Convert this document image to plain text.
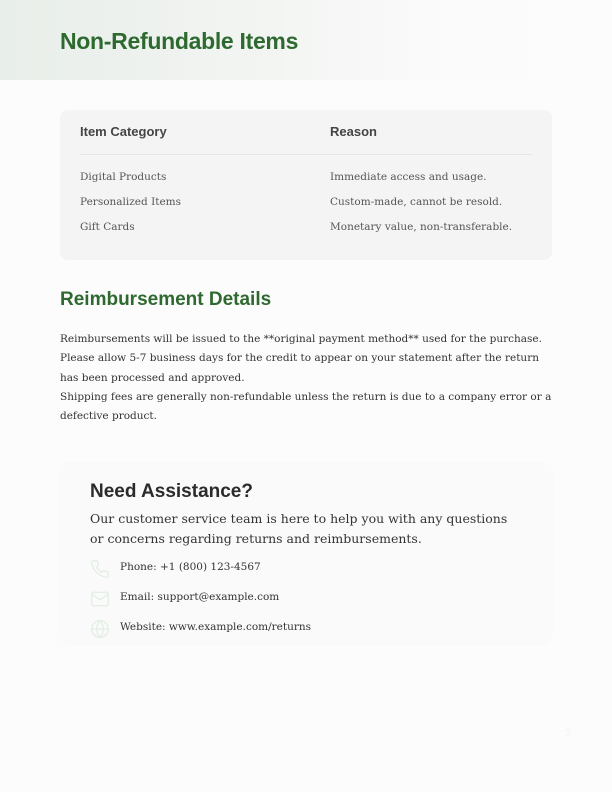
Non-Refundable Items
Item Category	Reason
Digital Products	Immediate access and usage.
Personalized Items	Custom-made, cannot be resold.
Gift Cards	Monetary value, non-transferable.
Reimbursement Details

Reimbursements will be issued to the **original payment method** used for the purchase. Please allow 5-7 business days for the credit to appear on your statement after the return has been processed and approved.

Shipping fees are generally non-refundable unless the return is due to a company error or a defective product.

Need Assistance?

Our customer service team is here to help you with any questions or concerns regarding returns and reimbursements.

Phone: +1 (800) 123-4567
Email: support@example.com
Website: www.example.com/returns
3
